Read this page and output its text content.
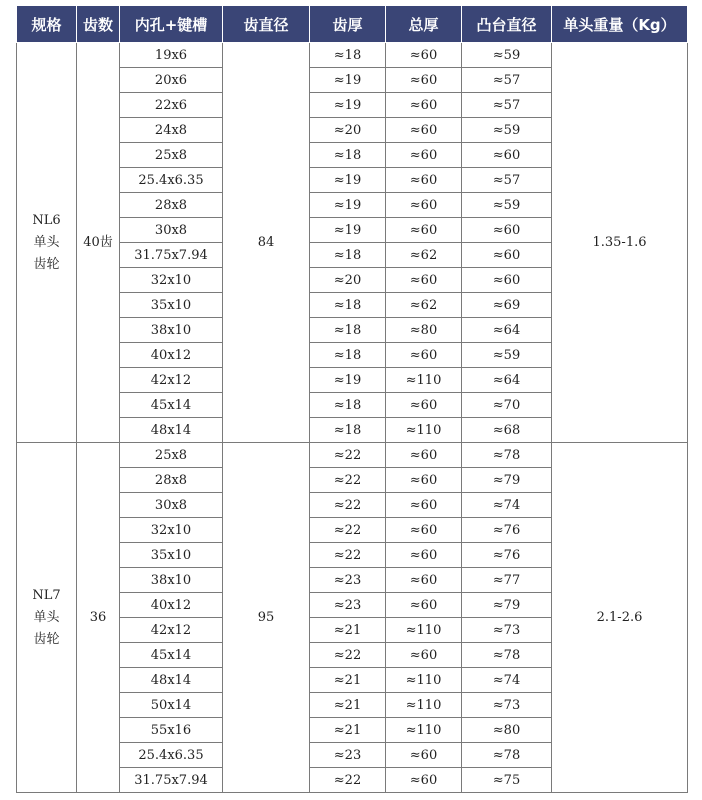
规格	齿数	内孔+键槽	齿直径	齿厚	总厚	凸台直径	单头重量（Kg）

NL6
单头
齿轮	40齿	19x6	84	≈18	≈60	≈59	1.35-1.6
		20x6		≈19	≈60	≈57	
		22x6		≈19	≈60	≈57	
		24x8		≈20	≈60	≈59	
		25x8		≈18	≈60	≈60	
		25.4x6.35		≈19	≈60	≈57	
		28x8		≈19	≈60	≈59	
		30x8		≈19	≈60	≈60	
		31.75x7.94		≈18	≈62	≈60	
		32x10		≈20	≈60	≈60	
		35x10		≈18	≈62	≈69	
		38x10		≈18	≈80	≈64	
		40x12		≈18	≈60	≈59	
		42x12		≈19	≈110	≈64	
		45x14		≈18	≈60	≈70	
		48x14		≈18	≈110	≈68	

NL7
单头
齿轮	36	25x8	95	≈22	≈60	≈78	2.1-2.6
		28x8		≈22	≈60	≈79	
		30x8		≈22	≈60	≈74	
		32x10		≈22	≈60	≈76	
		35x10		≈22	≈60	≈76	
		38x10		≈23	≈60	≈77	
		40x12		≈23	≈60	≈79	
		42x12		≈21	≈110	≈73	
		45x14		≈22	≈60	≈78	
		48x14		≈21	≈110	≈74	
		50x14		≈21	≈110	≈73	
		55x16		≈21	≈110	≈80	
		25.4x6.35		≈23	≈60	≈78	
		31.75x7.94		≈22	≈60	≈75	
